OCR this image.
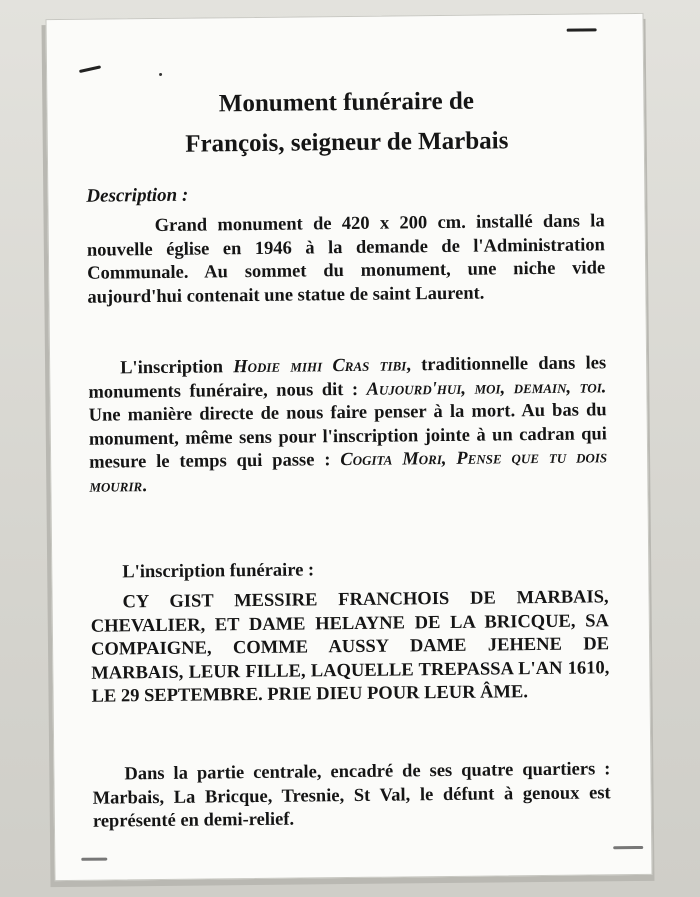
Monument funéraire de
François, seigneur de Marbais
Description :

Grand monument de 420 x 200 cm. installé dans la nouvelle église en 1946 à la demande de l'Administration Communale. Au sommet du monument, une niche vide aujourd'hui contenait une statue de saint Laurent.

L'inscription Hodie mihi Cras tibi, traditionnelle dans les monuments funéraire, nous dit : Aujourd'hui, moi, demain, toi. Une manière directe de nous faire penser à la mort. Au bas du monument, même sens pour l'inscription jointe à un cadran qui mesure le temps qui passe : Cogita Mori, Pense que tu dois mourir.

L'inscription funéraire :

CY GIST MESSIRE FRANCHOIS DE MARBAIS, CHEVALIER, ET DAME HELAYNE DE LA BRICQUE, SA COMPAIGNE, COMME AUSSY DAME JEHENE DE MARBAIS, LEUR FILLE, LAQUELLE TREPASSA L'AN 1610, LE 29 SEPTEMBRE. PRIE DIEU POUR LEUR ÂME.

Dans la partie centrale, encadré de ses quatre quartiers : Marbais, La Bricque, Tresnie, St Val, le défunt à genoux est représenté en demi-relief.
